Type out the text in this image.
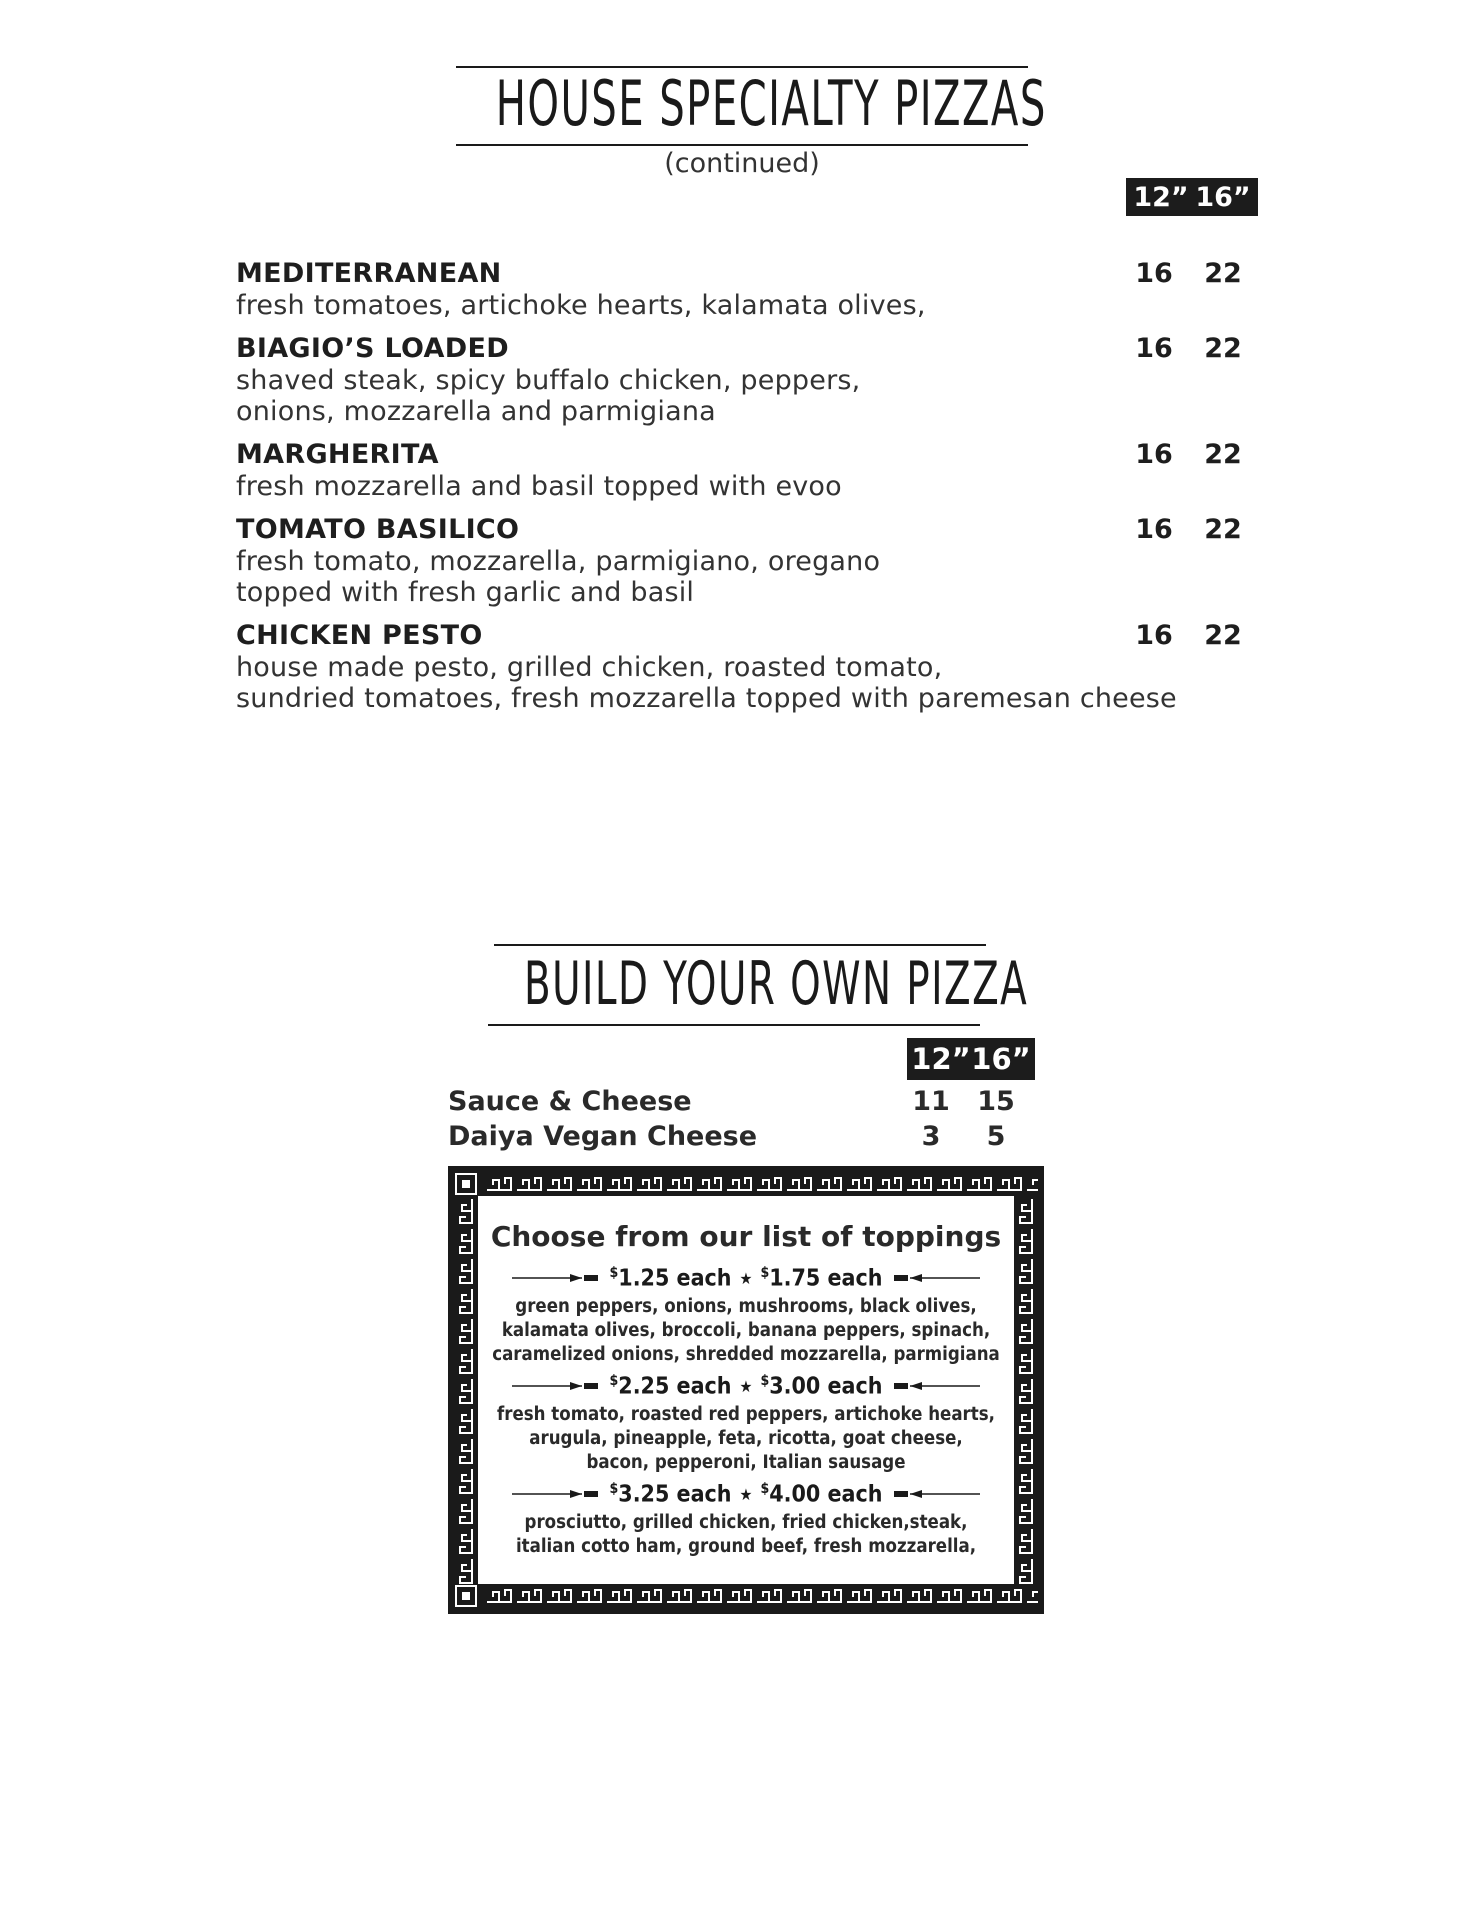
HOUSE SPECIALTY PIZZAS
(continued)
12” 16”
MEDITERRANEAN
fresh tomatoes, artichoke hearts, kalamata olives,
16 22
BIAGIO’S LOADED
shaved steak, spicy buffalo chicken, peppers,
onions, mozzarella and parmigiana
16 22
MARGHERITA
fresh mozzarella and basil topped with evoo
16 22
TOMATO BASILICO
fresh tomato, mozzarella, parmigiano, oregano
topped with fresh garlic and basil
16 22
CHICKEN PESTO
house made pesto, grilled chicken, roasted tomato,
sundried tomatoes, fresh mozzarella topped with paremesan cheese
16 22
BUILD YOUR OWN PIZZA
12” 16”
Sauce & Cheese	11 15
Daiya Vegan Cheese	3	5
Choose from our list of toppings
$1.25 each ★ $1.75 each
green peppers, onions, mushrooms, black olives,
kalamata olives, broccoli, banana peppers, spinach,
caramelized onions, shredded mozzarella, parmigiana
$2.25 each ★ $3.00 each
fresh tomato, roasted red peppers, artichoke hearts,
arugula, pineapple, feta, ricotta, goat cheese,
bacon, pepperoni, Italian sausage
$3.25 each ★ $4.00 each
prosciutto, grilled chicken, fried chicken,steak,
italian cotto ham, ground beef, fresh mozzarella,
